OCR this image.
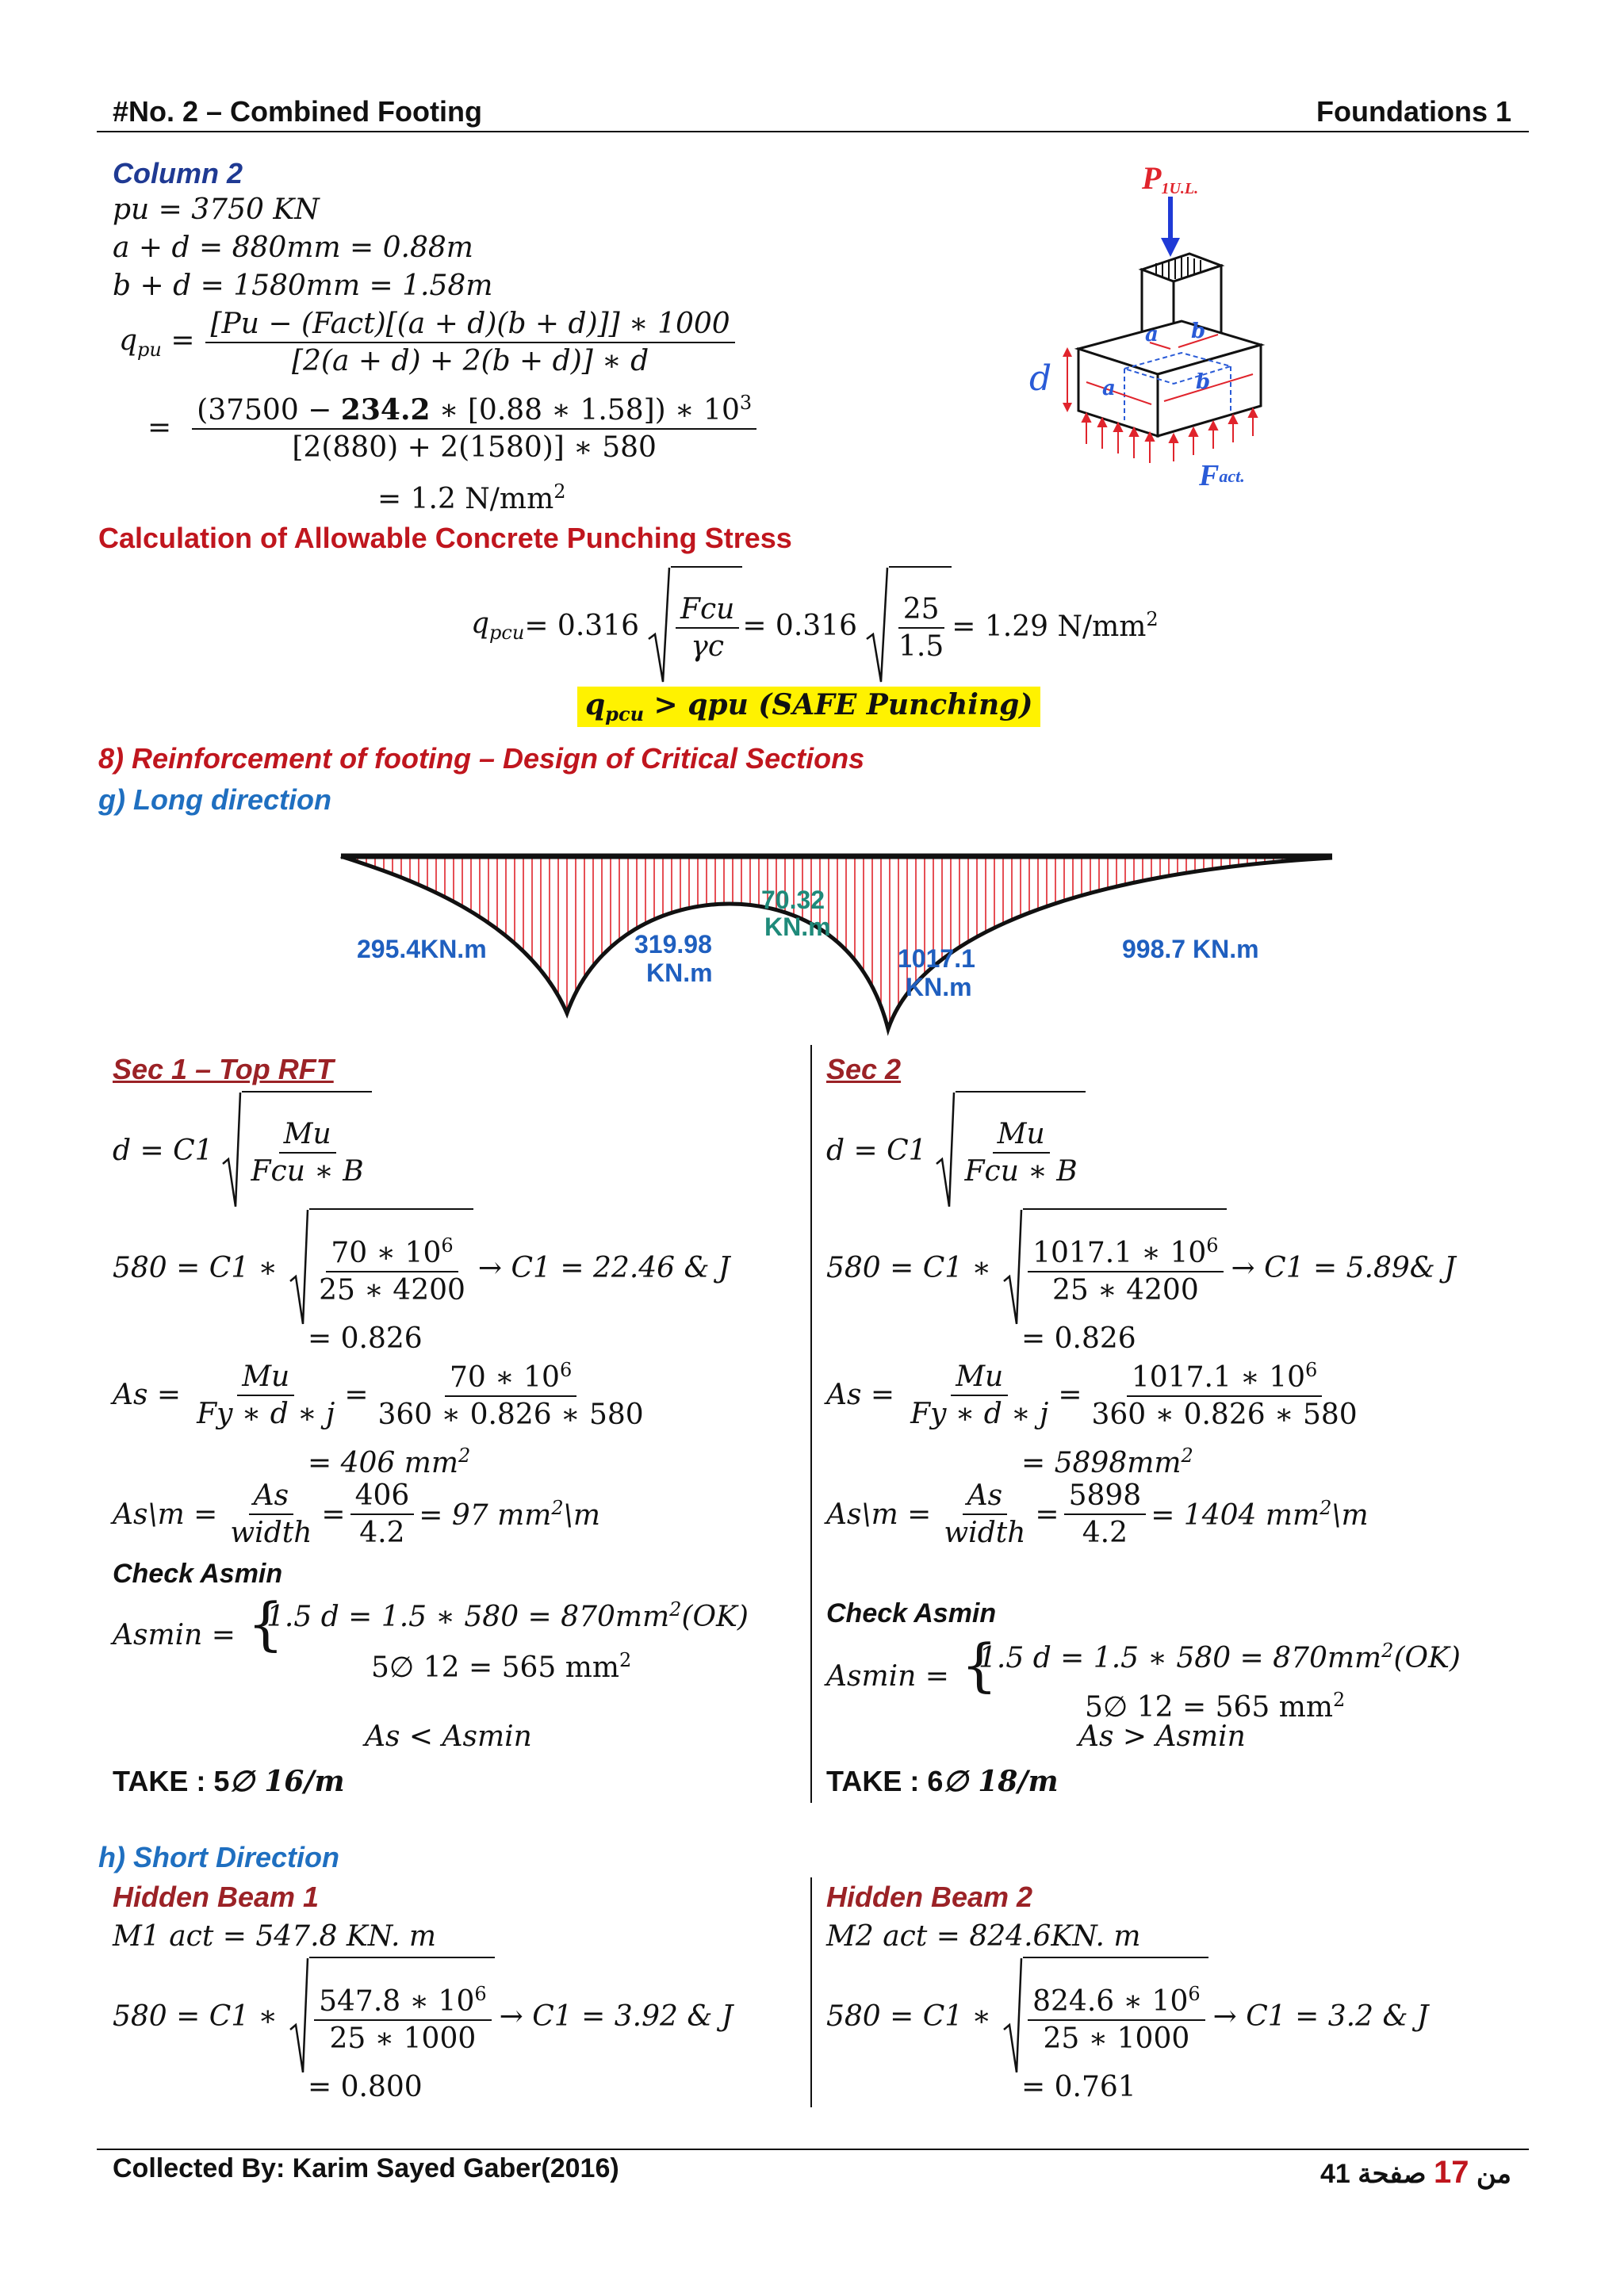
#No. 2 – Combined Footing	Foundations 1
Column 2
pu = 3750 KN
a + d = 880mm = 0.88m
b + d = 1580mm = 1.58m
$q_{pu} = \frac{\text{[Pu − (Fact)[(a + d)(b + d)]] ∗ 1000}}{[2(a + d) + 2(b + d)] ∗ d}$
= $\frac{(37500 - 234.2 ∗ [0.88 ∗ 1.58]) ∗ 10^3}{[2(880) + 2(1580)] ∗ 580}$
= 1.2 $N/mm^2$
P1U.L.
d
a b
a	b
Fact.
Calculation of Allowable Concrete Punching Stress
$q_{pcu} = 0.316 \frac{\text{Fcu}}{\gamma c} = 0.316 \frac{25}{1.5} = 1.29$ $N/mm^2$
$q_{pcu}$ > qpu (SAFE Punching)
8) Reinforcement of footing – Design of Critical Sections
g) Long direction
295.4KN.m	319.98
KN.m
70.32
KN.m
1017.1
KN.m
998.7 KN.m
Sec 1 – Top RFT
$d = C1 \frac{Mu}{\text{Fcu ∗ B}}$
580 = C1 ∗ $\frac{70 ∗ 10^6}{25 ∗ 4200} \to C1 = 22.46$ & J
= 0.826
$As = \frac{Mu}{Fy ∗ d ∗ j} = \frac{70 ∗ 10^6}{360 ∗ 0.826 ∗ 580}$
= 406 $mm^2$
As\m = $\frac{As}{\text{width}} = \frac{406}{4.2} = 97$ $mm^2\backslash m$
Check Asmin
Asmin = {
1.5 d = 1.5 ∗ $580 = 870mm^2(OK)$
5∅ 12 = 565 $mm^2$
As < Asmin
TAKE : 5∅ 16/m
Sec 2
$d = C1 \frac{Mu}{\text{Fcu ∗ B}}$
580 = C1 ∗ $\frac{1017.1 ∗ 10^6}{25 ∗ 4200} \to C1$ = 5.89& J
= 0.826
$As = \frac{Mu}{Fy ∗ d ∗ j} = \frac{1017.1 ∗ 10^6}{360 ∗ 0.826 ∗ 580}$
= $5898mm^2$
As\m = $\frac{As}{\text{width}} = \frac{5898}{4.2} = 1404$ $mm^2\backslash m$
Check Asmin
Asmin = {
1.5 d = 1.5 ∗ $580 = 870mm^2(OK)$
5∅ 12 = 565 $mm^2$
As > Asmin
TAKE : 6∅ 18/m
h) Short Direction
Hidden Beam 1
M1 act = 547.8 KN. m
580 = C1 ∗ $\frac{547.8 ∗ 10^6}{25 ∗ 1000} \to C1 = 3.92$ & J
= 0.800
Hidden Beam 2
M2 act = 824.6KN. m
580 = C1 ∗ $\frac{824.6 ∗ 10^6}{25 ∗ 1000} \to C1 = 3.2$ & J
= 0.761
Collected By: Karim Sayed Gaber(2016)	41	من 17 صفحة
